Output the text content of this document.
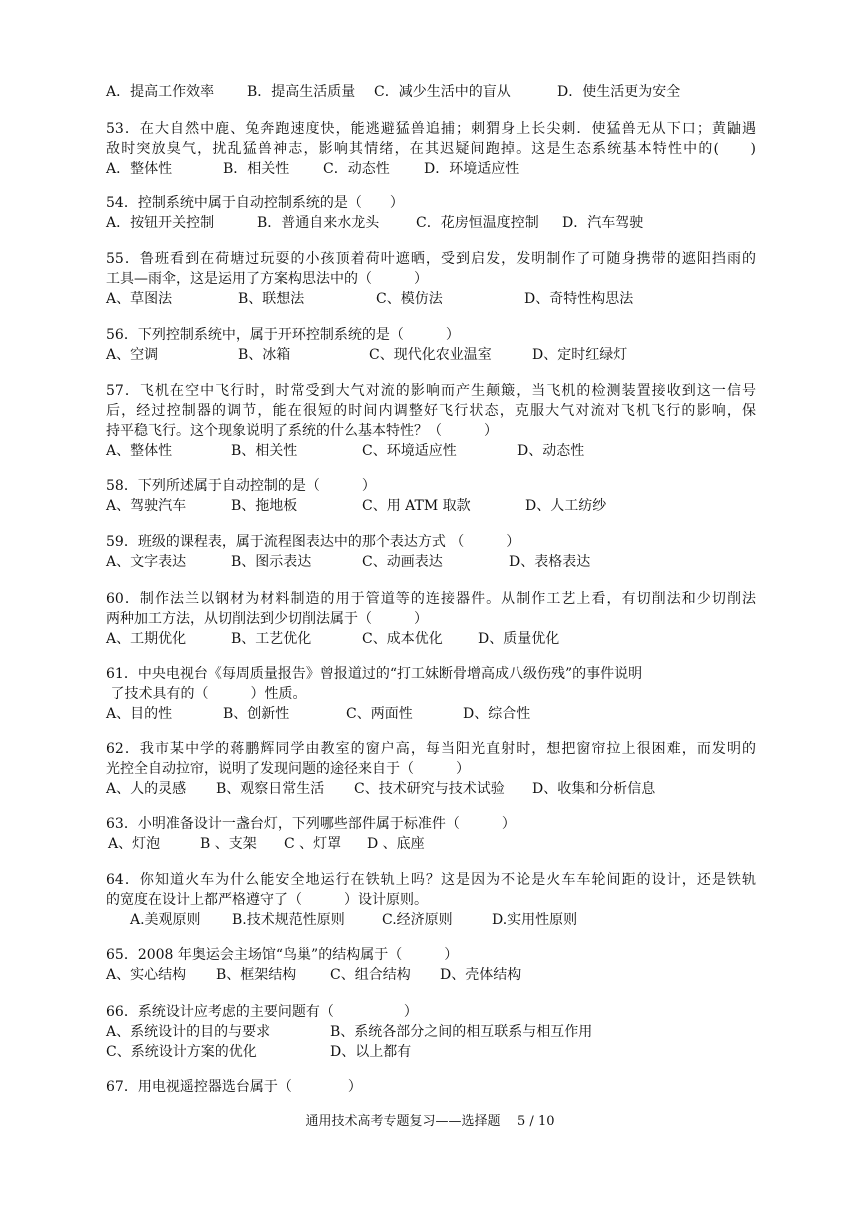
A．提高工作效率 B．提高生活质量 C．减少生活中的盲从	D．使生活更为安全
53．在大自然中鹿、兔奔跑速度快，能逃避猛兽追捕；刺猬身上长尖刺．使猛兽无从下口；黄鼬遇
敌时突放臭气，扰乱猛兽神志，影响其情绪，在其迟疑间跑掉。这是生态系统基本特性中的(　　)
A．整体性	B．相关性 C．动态性 D．环境适应性
54．控制系统中属于自动控制系统的是（　　）
A．按钮开关控制	B．普通自来水龙头	C．花房恒温度控制 D．汽车驾驶
55．鲁班看到在荷塘过玩耍的小孩顶着荷叶遮晒，受到启发，发明制作了可随身携带的遮阳挡雨的
工具—雨伞，这是运用了方案构思法中的（　　　）
A、草图法	B、联想法	C、模仿法	D、奇特性构思法
56．下列控制系统中，属于开环控制系统的是（　　　）
A、空调	B、冰箱	C、现代化农业温室	D、定时红绿灯
57．飞机在空中飞行时，时常受到大气对流的影响而产生颠簸，当飞机的检测装置接收到这一信号
后，经过控制器的调节，能在很短的时间内调整好飞行状态，克服大气对流对飞机飞行的影响，保
持平稳飞行。这个现象说明了系统的什么基本特性？（　　　）
A、整体性	B、相关性	C、环境适应性	D、动态性
58．下列所述属于自动控制的是（　　　）
A、驾驶汽车	B、拖地板	C、用 ATM 取款	D、人工纺纱
59．班级的课程表，属于流程图表达中的那个表达方式 （　　　）
A、文字表达	B、图示表达	C、动画表达	D、表格表达
60．制作法兰以钢材为材料制造的用于管道等的连接器件。从制作工艺上看，有切削法和少切削法
两种加工方法，从切削法到少切削法属于（　　　）
A、工期优化	B、工艺优化	C、成本优化	D、质量优化
61．中央电视台《每周质量报告》曾报道过的“打工妹断骨增高成八级伤残”的事件说明
了技术具有的（　　　）性质。
A、目的性	B、创新性	C、两面性	D、综合性
62．我市某中学的蒋鹏辉同学由教室的窗户高，每当阳光直射时，想把窗帘拉上很困难，而发明的
光控全自动拉帘，说明了发现问题的途径来自于（　　　）
A、人的灵感 B、观察日常生活 C、技术研究与技术试验 D、收集和分析信息
63．小明准备设计一盏台灯，下列哪些部件属于标准件（　　　）
A、灯泡	B 、支架 C 、灯罩 D 、底座
64．你知道火车为什么能安全地运行在铁轨上吗？这是因为不论是火车车轮间距的设计，还是铁轨
的宽度在设计上都严格遵守了（　　　）设计原则。
A.美观原则 B.技术规范性原则	C.经济原则	D.实用性原则
65．2008 年奥运会主场馆“鸟巢”的结构属于（　　　）
A、实心结构 B、框架结构 C、组合结构 D、壳体结构
66．系统设计应考虑的主要问题有（　　　　　）
A、系统设计的目的与要求	B、系统各部分之间的相互联系与相互作用
C、系统设计方案的优化	D、以上都有
67．用电视遥控器选台属于（　　　　）
通用技术高考专题复习——选择题 5 / 10
